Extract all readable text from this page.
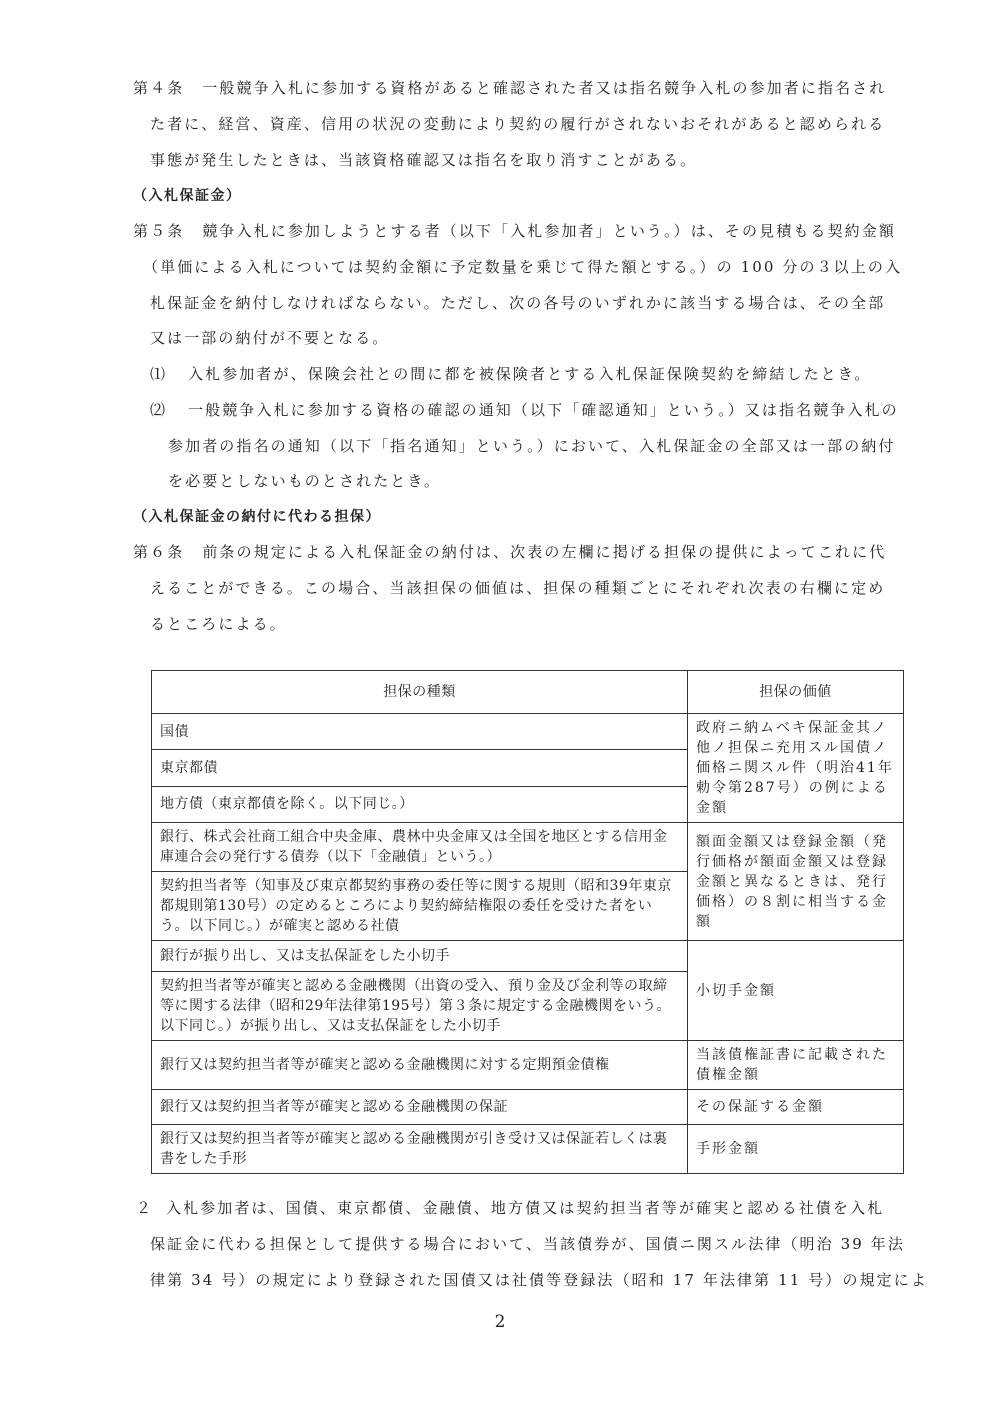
第４条 一般競争入札に参加する資格があると確認された者又は指名競争入札の参加者に指名され
た者に、経営、資産、信用の状況の変動により契約の履行がされないおそれがあると認められる
事態が発生したときは、当該資格確認又は指名を取り消すことがある。
（入札保証金）
第５条 競争入札に参加しようとする者（以下「入札参加者」という。）は、その見積もる契約金額
（単価による入札については契約金額に予定数量を乗じて得た額とする。）の 100 分の３以上の入
札保証金を納付しなければならない。ただし、次の各号のいずれかに該当する場合は、その全部
又は一部の納付が不要となる。
⑴ 入札参加者が、保険会社との間に都を被保険者とする入札保証保険契約を締結したとき。
⑵ 一般競争入札に参加する資格の確認の通知（以下「確認通知」という。）又は指名競争入札の
参加者の指名の通知（以下「指名通知」という。）において、入札保証金の全部又は一部の納付
を必要としないものとされたとき。
（入札保証金の納付に代わる担保）
第６条 前条の規定による入札保証金の納付は、次表の左欄に掲げる担保の提供によってこれに代
えることができる。この場合、当該担保の価値は、担保の種類ごとにそれぞれ次表の右欄に定め
るところによる。
担保の種類	担保の価値
国債	政府ニ納ムベキ保証金其ノ他ノ担保ニ充用スル国債ノ価格ニ関スル件（明治41年勅令第287号）の例による金額
東京都債	
地方債（東京都債を除く。以下同じ。）	
銀行、株式会社商工組合中央金庫、農林中央金庫又は全国を地区とする信用金庫連合会の発行する債券（以下「金融債」という。）	額面金額又は登録金額（発行価格が額面金額又は登録金額と異なるときは、発行価格）の８割に相当する金額
契約担当者等（知事及び東京都契約事務の委任等に関する規則（昭和39年東京都規則第130号）の定めるところにより契約締結権限の委任を受けた者をいう。以下同じ。）が確実と認める社債	
銀行が振り出し、又は支払保証をした小切手	小切手金額
契約担当者等が確実と認める金融機関（出資の受入、預り金及び金利等の取締等に関する法律（昭和29年法律第195号）第３条に規定する金融機関をいう。以下同じ。）が振り出し、又は支払保証をした小切手	
銀行又は契約担当者等が確実と認める金融機関に対する定期預金債権	当該債権証書に記載された債権金額
銀行又は契約担当者等が確実と認める金融機関の保証	その保証する金額
銀行又は契約担当者等が確実と認める金融機関が引き受け又は保証若しくは裏書をした手形	手形金額
２ 入札参加者は、国債、東京都債、金融債、地方債又は契約担当者等が確実と認める社債を入札
保証金に代わる担保として提供する場合において、当該債券が、国債ニ関スル法律（明治 39 年法
律第 34 号）の規定により登録された国債又は社債等登録法（昭和 17 年法律第 11 号）の規定によ
2
